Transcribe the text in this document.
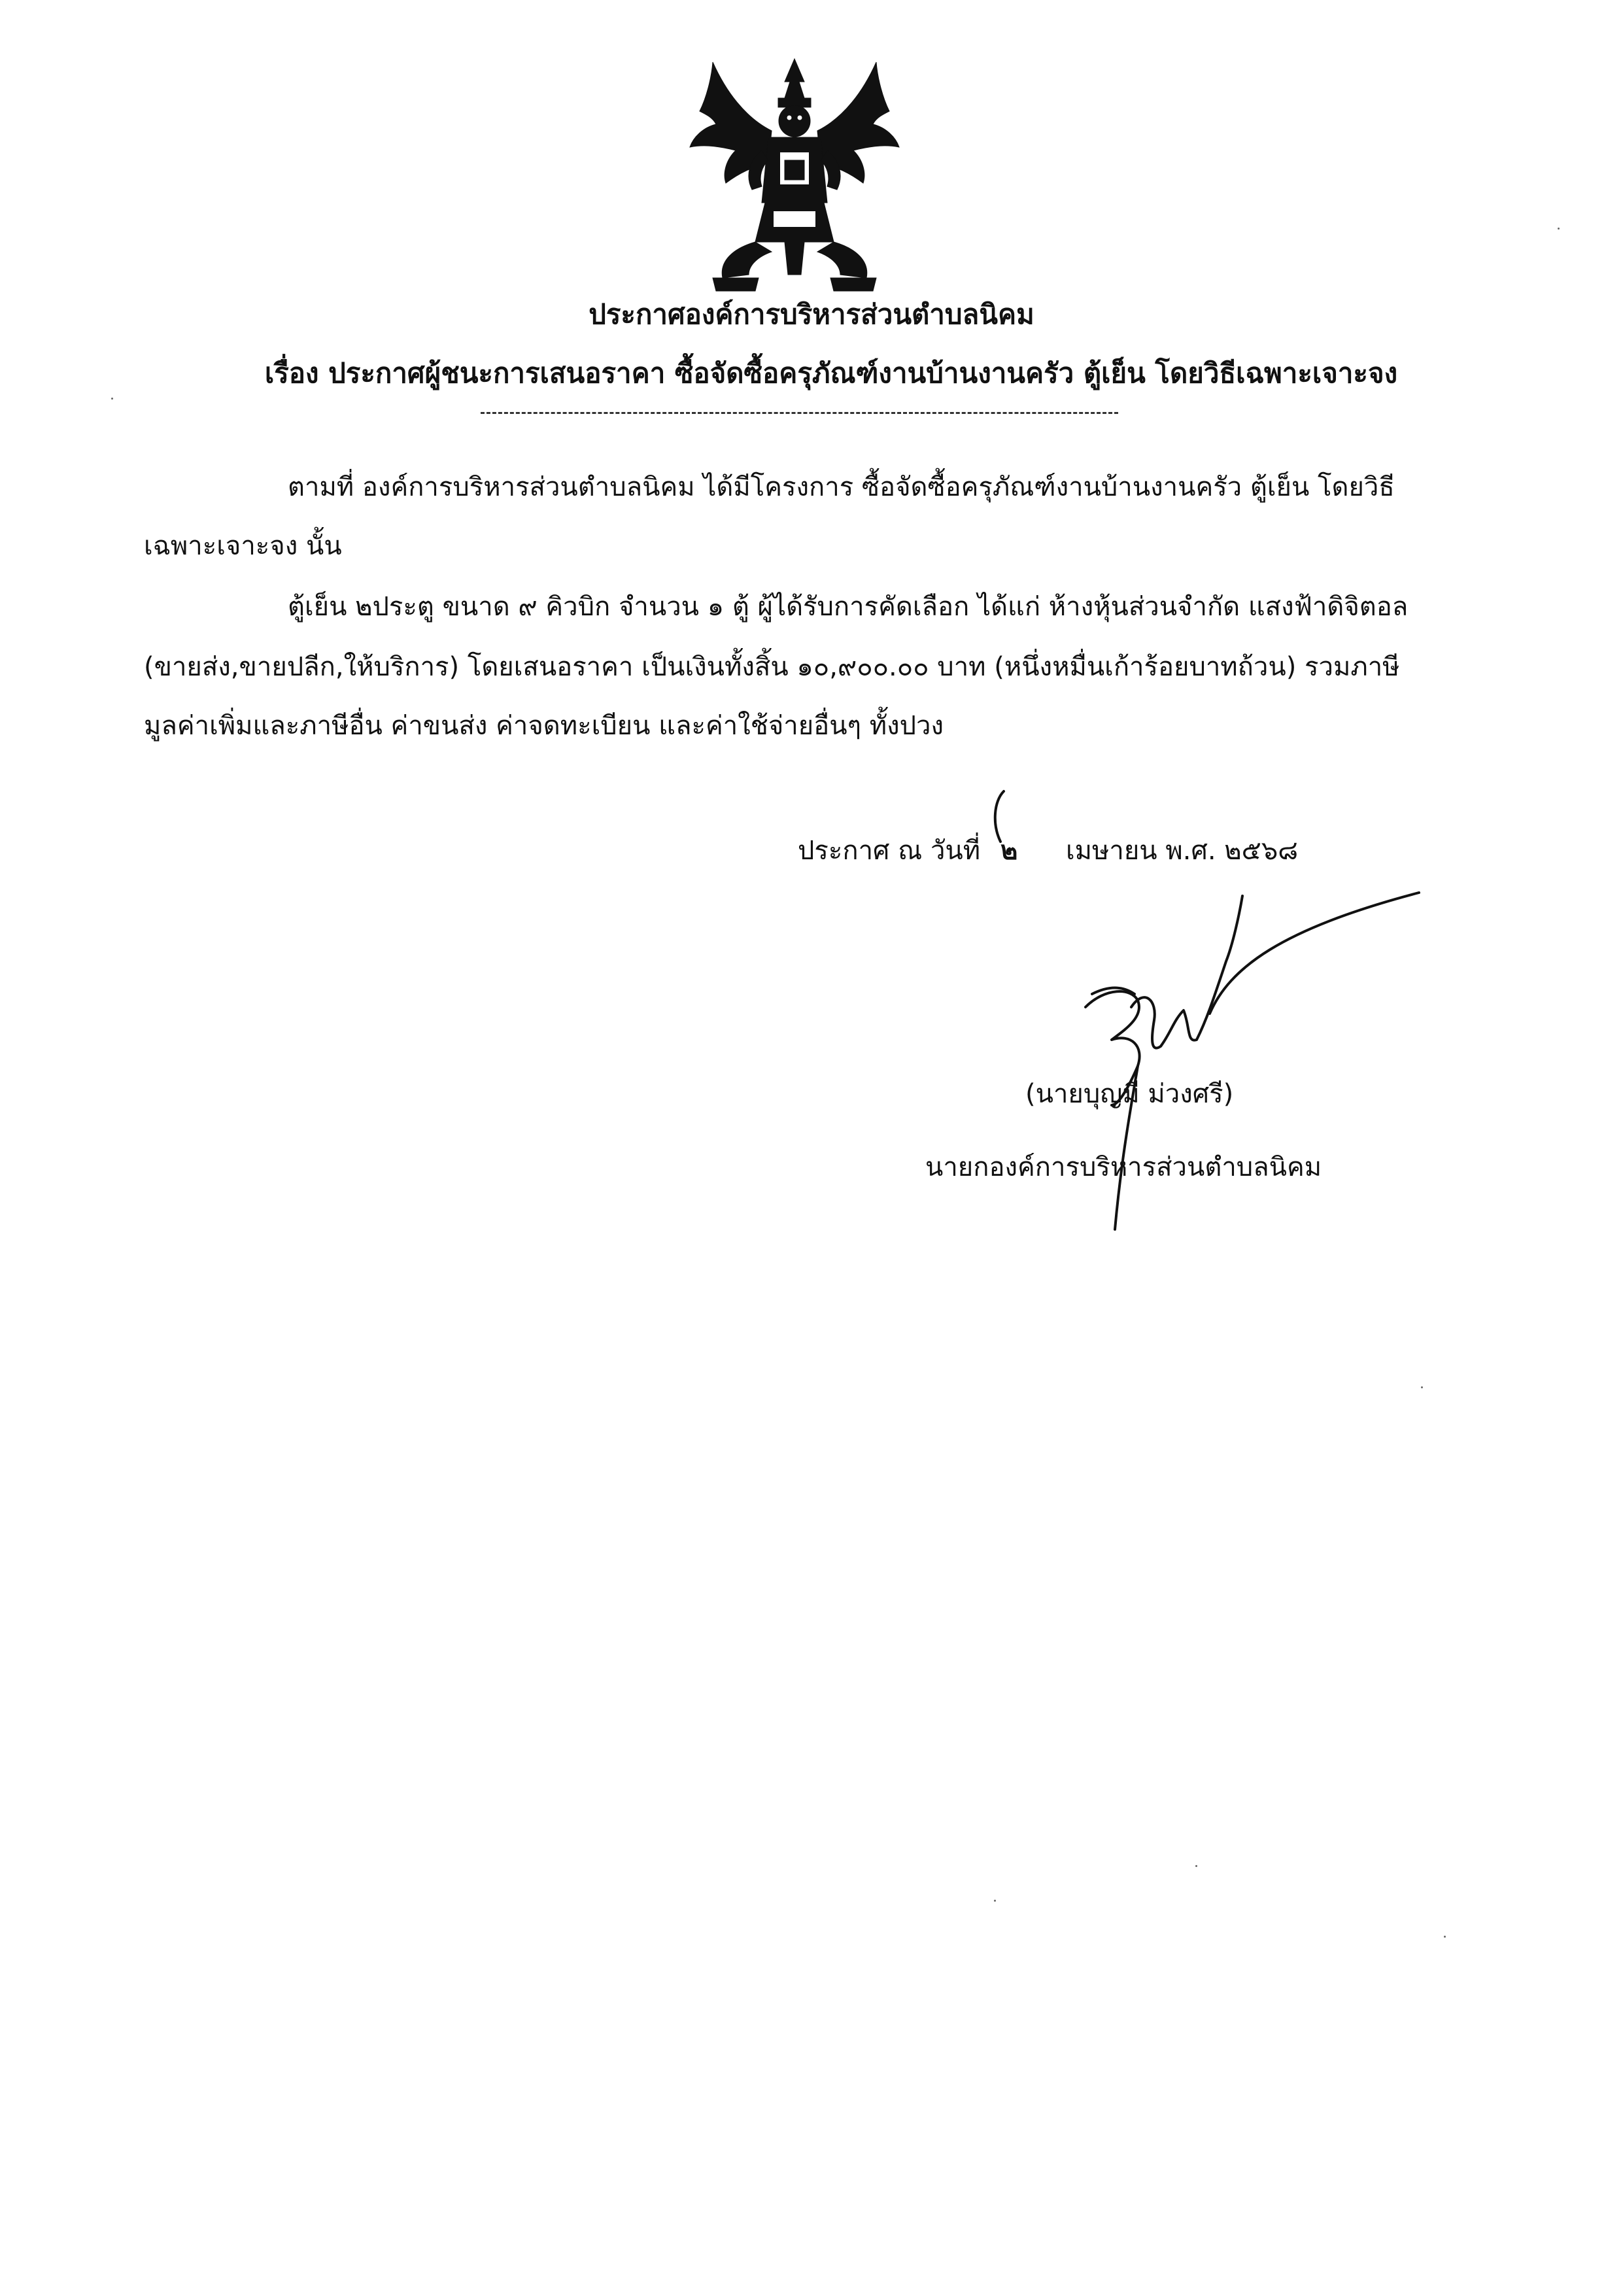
ประกาศองค์การบริหารส่วนตำบลนิคม
เรื่อง ประกาศผู้ชนะการเสนอราคา ซื้อจัดซื้อครุภัณฑ์งานบ้านงานครัว ตู้เย็น โดยวิธีเฉพาะเจาะจง
ตามที่ องค์การบริหารส่วนตำบลนิคม ได้มีโครงการ ซื้อจัดซื้อครุภัณฑ์งานบ้านงานครัว ตู้เย็น โดยวิธี
เฉพาะเจาะจง นั้น
ตู้เย็น ๒ประตู ขนาด ๙ คิวบิก จำนวน ๑ ตู้ ผู้ได้รับการคัดเลือก ได้แก่ ห้างหุ้นส่วนจำกัด แสงฟ้าดิจิตอล
(ขายส่ง,ขายปลีก,ให้บริการ) โดยเสนอราคา เป็นเงินทั้งสิ้น ๑๐,๙๐๐.๐๐ บาท (หนึ่งหมื่นเก้าร้อยบาทถ้วน) รวมภาษี
มูลค่าเพิ่มและภาษีอื่น ค่าขนส่ง ค่าจดทะเบียน และค่าใช้จ่ายอื่นๆ ทั้งปวง
ประกาศ ณ วันที่ ๒ เมษายน พ.ศ. ๒๕๖๘
(นายบุญมี ม่วงศรี)
นายกองค์การบริหารส่วนตำบลนิคม
